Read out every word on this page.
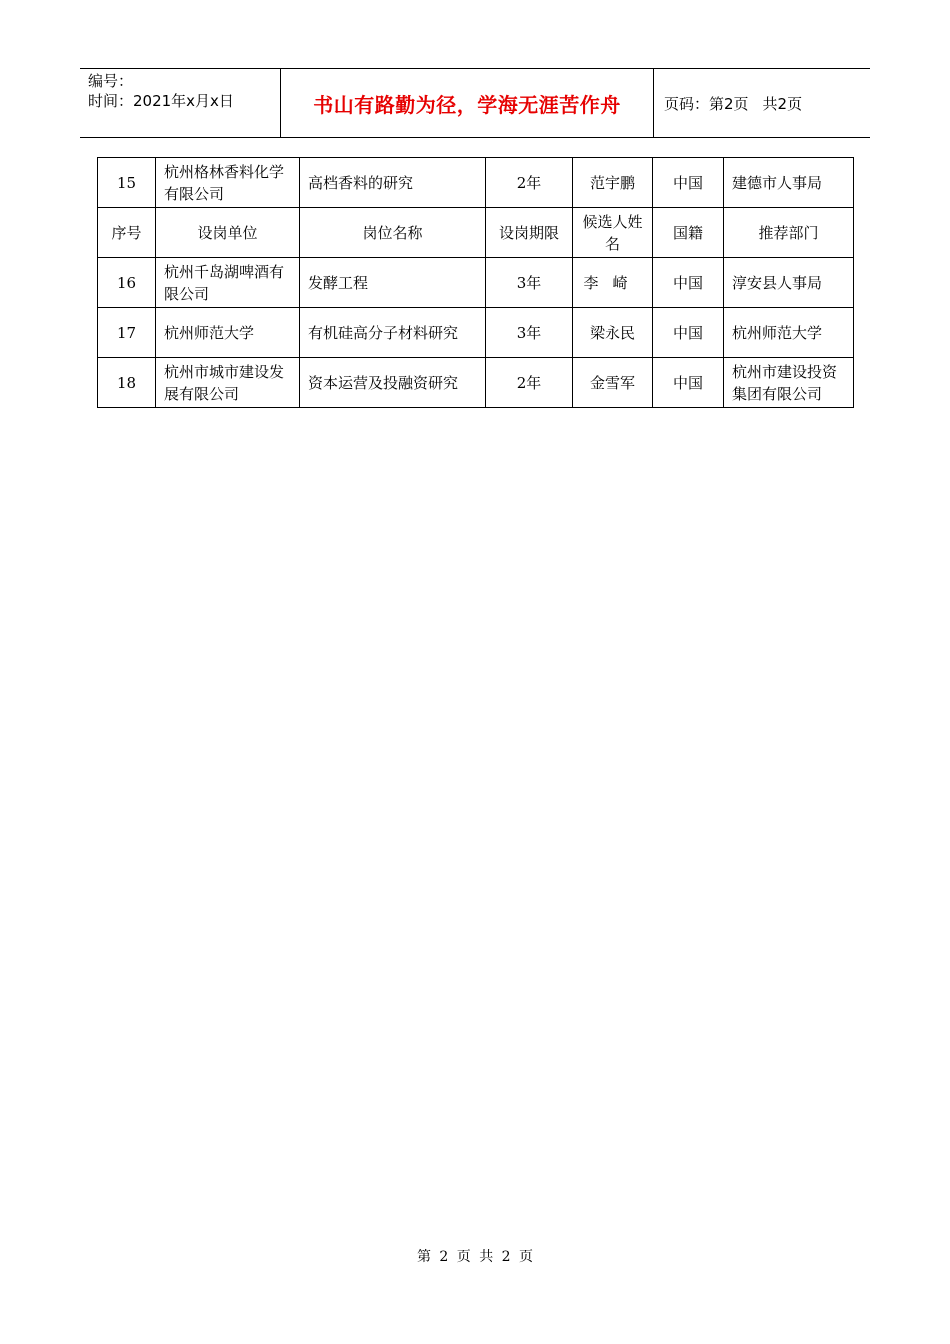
编号：
时间：2021年x月x日	书山有路勤为径，学海无涯苦作舟	页码：第2页 共2页
15	杭州格林香料化学有限公司	高档香料的研究	2年	范宇鹏	中国	建德市人事局
序号	设岗单位	岗位名称	设岗期限	候选人姓名	国籍	推荐部门
16	杭州千岛湖啤酒有限公司	发酵工程	3年	李崎	中国	淳安县人事局
17	杭州师范大学	有机硅高分子材料研究	3年	梁永民	中国	杭州师范大学
18	杭州市城市建设发展有限公司	资本运营及投融资研究	2年	金雪军	中国	杭州市建设投资集团有限公司
第 2 页 共 2 页
